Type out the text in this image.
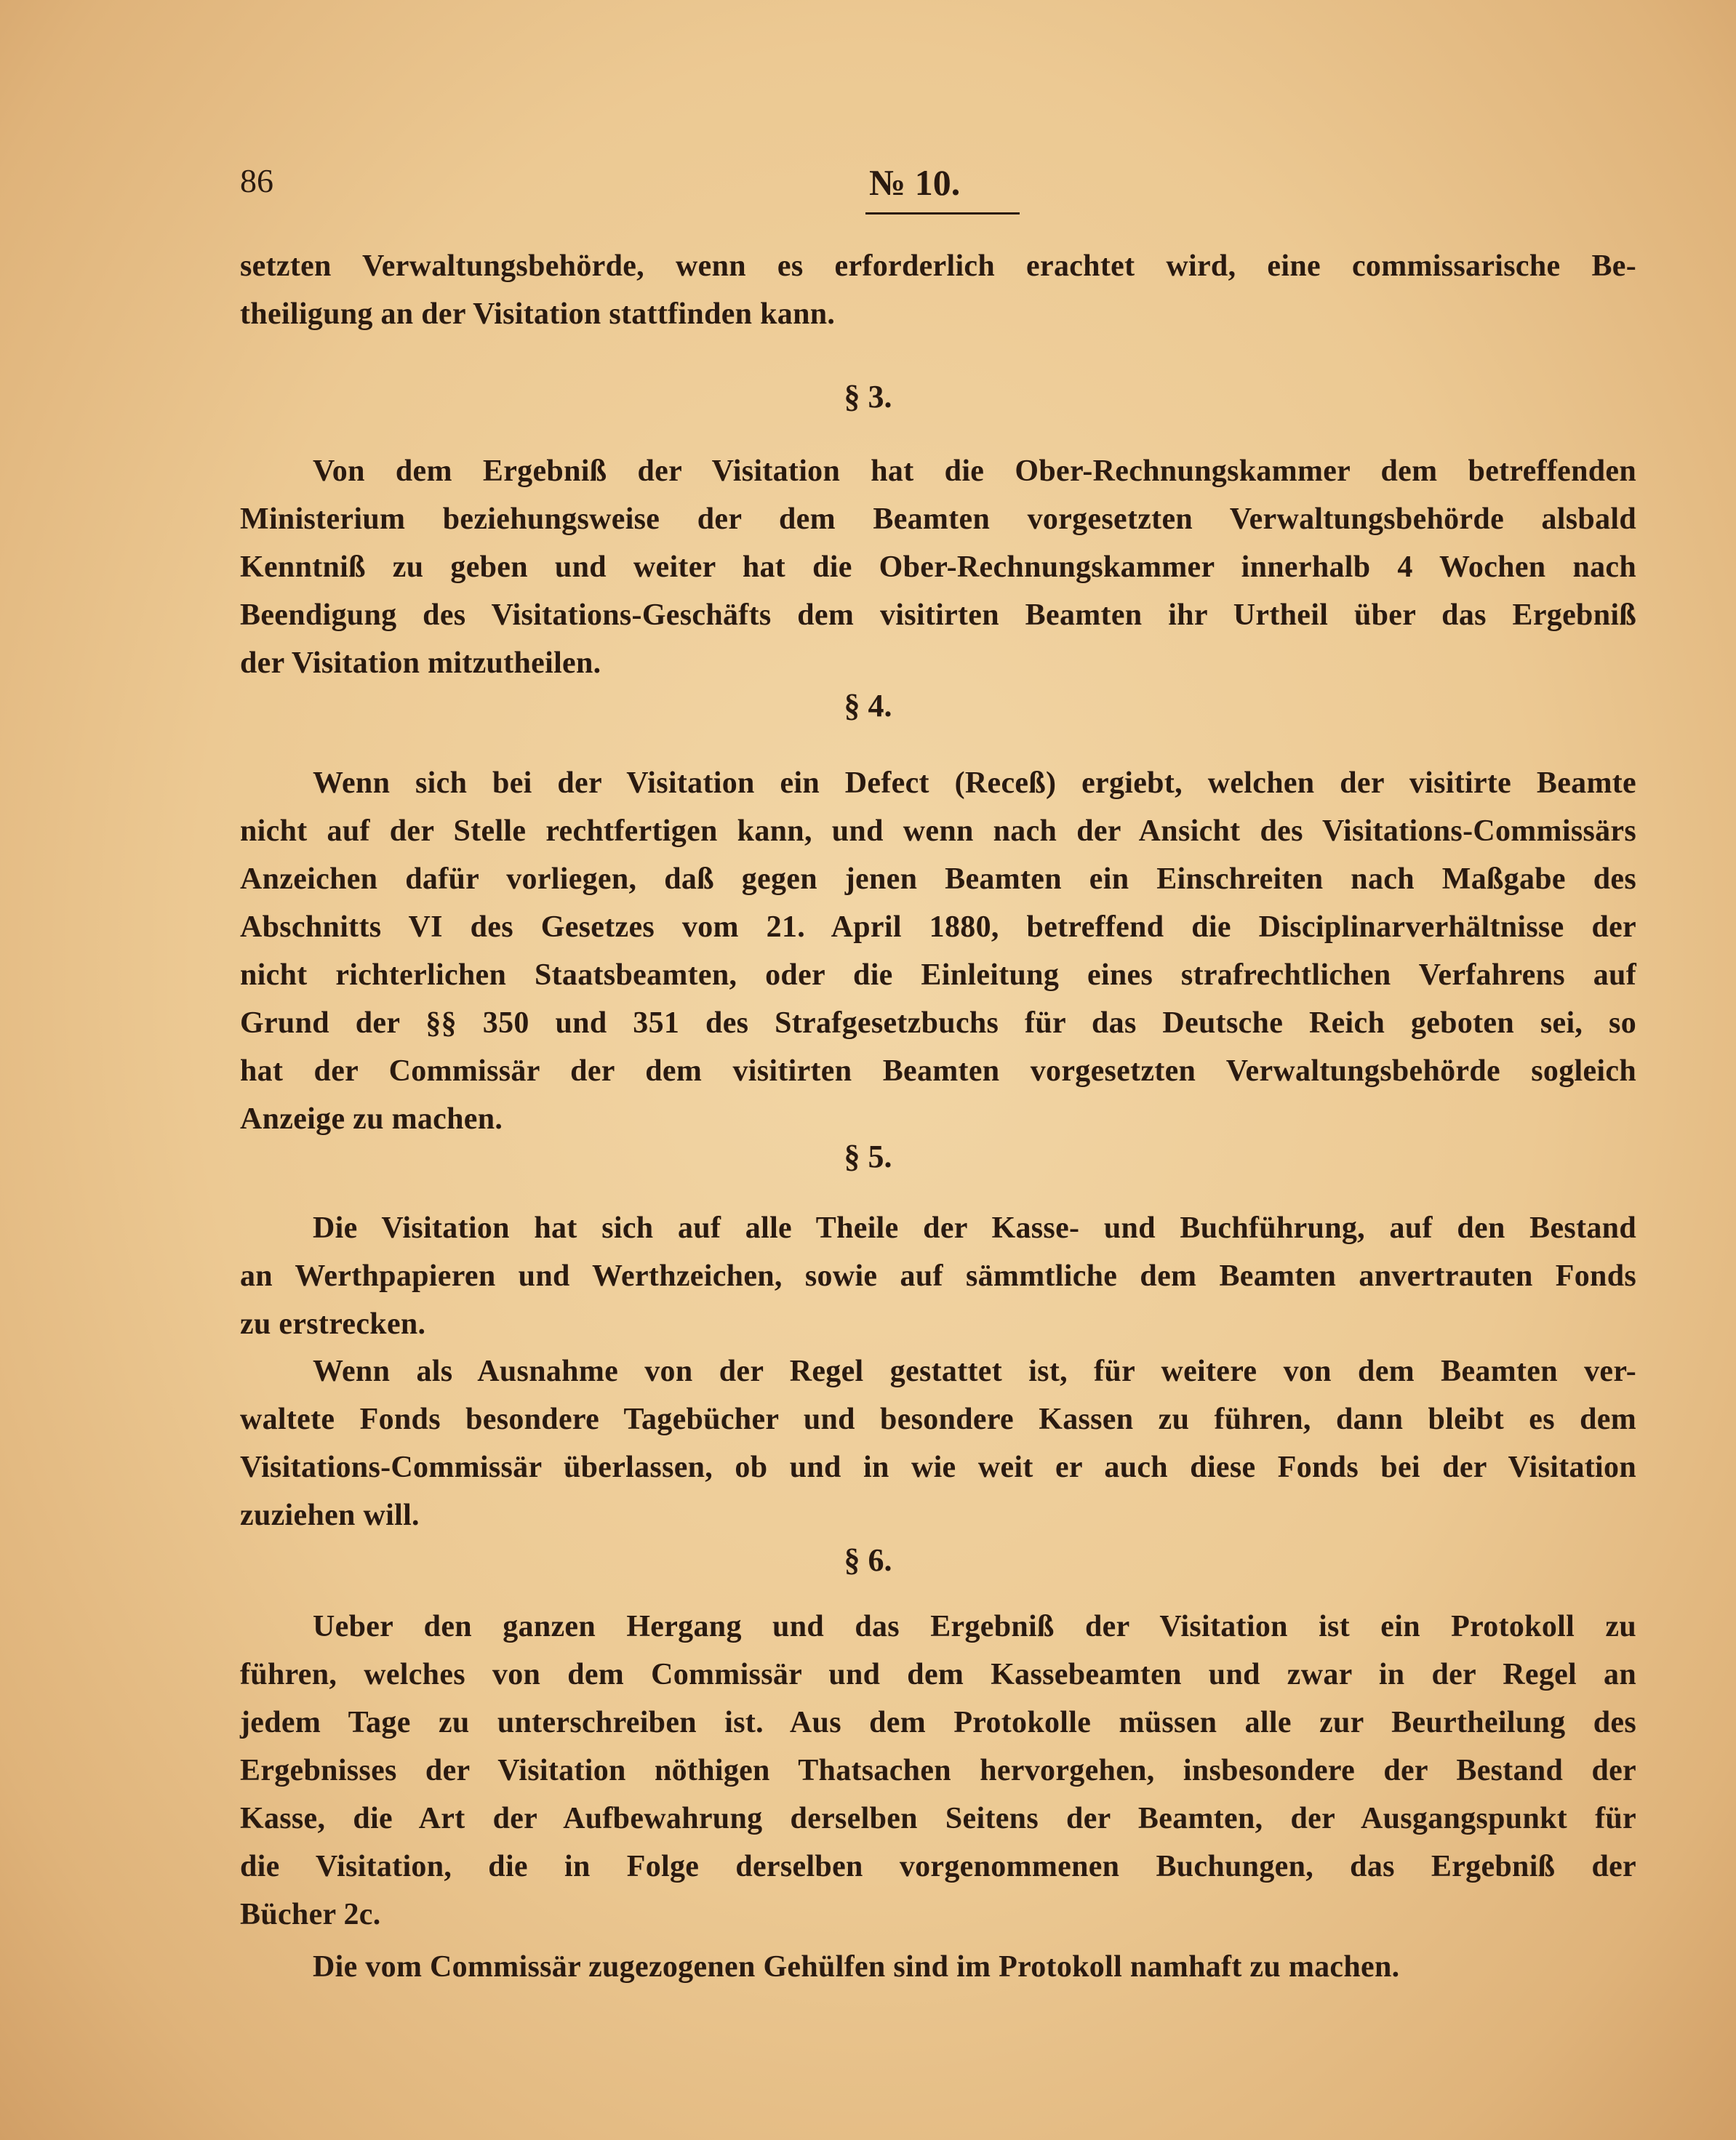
86	№ 10.
setzten Verwaltungsbehörde, wenn es erforderlich erachtet wird, eine commissarische Be-
theiligung an der Visitation stattfinden kann.
§ 3.
Von dem Ergebniß der Visitation hat die Ober-Rechnungskammer dem betreffenden
Ministerium beziehungsweise der dem Beamten vorgesetzten Verwaltungsbehörde alsbald
Kenntniß zu geben und weiter hat die Ober-Rechnungskammer innerhalb 4 Wochen nach
Beendigung des Visitations-Geschäfts dem visitirten Beamten ihr Urtheil über das Ergebniß
der Visitation mitzutheilen.
§ 4.
Wenn sich bei der Visitation ein Defect (Receß) ergiebt, welchen der visitirte Beamte
nicht auf der Stelle rechtfertigen kann, und wenn nach der Ansicht des Visitations-Commissärs
Anzeichen dafür vorliegen, daß gegen jenen Beamten ein Einschreiten nach Maßgabe des
Abschnitts VI des Gesetzes vom 21. April 1880, betreffend die Disciplinarverhältnisse der
nicht richterlichen Staatsbeamten, oder die Einleitung eines strafrechtlichen Verfahrens auf
Grund der §§ 350 und 351 des Strafgesetzbuchs für das Deutsche Reich geboten sei, so
hat der Commissär der dem visitirten Beamten vorgesetzten Verwaltungsbehörde sogleich
Anzeige zu machen.
§ 5.
Die Visitation hat sich auf alle Theile der Kasse- und Buchführung, auf den Bestand
an Werthpapieren und Werthzeichen, sowie auf sämmtliche dem Beamten anvertrauten Fonds
zu erstrecken.
Wenn als Ausnahme von der Regel gestattet ist, für weitere von dem Beamten ver-
waltete Fonds besondere Tagebücher und besondere Kassen zu führen, dann bleibt es dem
Visitations-Commissär überlassen, ob und in wie weit er auch diese Fonds bei der Visitation
zuziehen will.
§ 6.
Ueber den ganzen Hergang und das Ergebniß der Visitation ist ein Protokoll zu
führen, welches von dem Commissär und dem Kassebeamten und zwar in der Regel an
jedem Tage zu unterschreiben ist. Aus dem Protokolle müssen alle zur Beurtheilung des
Ergebnisses der Visitation nöthigen Thatsachen hervorgehen, insbesondere der Bestand der
Kasse, die Art der Aufbewahrung derselben Seitens der Beamten, der Ausgangspunkt für
die Visitation, die in Folge derselben vorgenommenen Buchungen, das Ergebniß der
Bücher 2c.
Die vom Commissär zugezogenen Gehülfen sind im Protokoll namhaft zu machen.
